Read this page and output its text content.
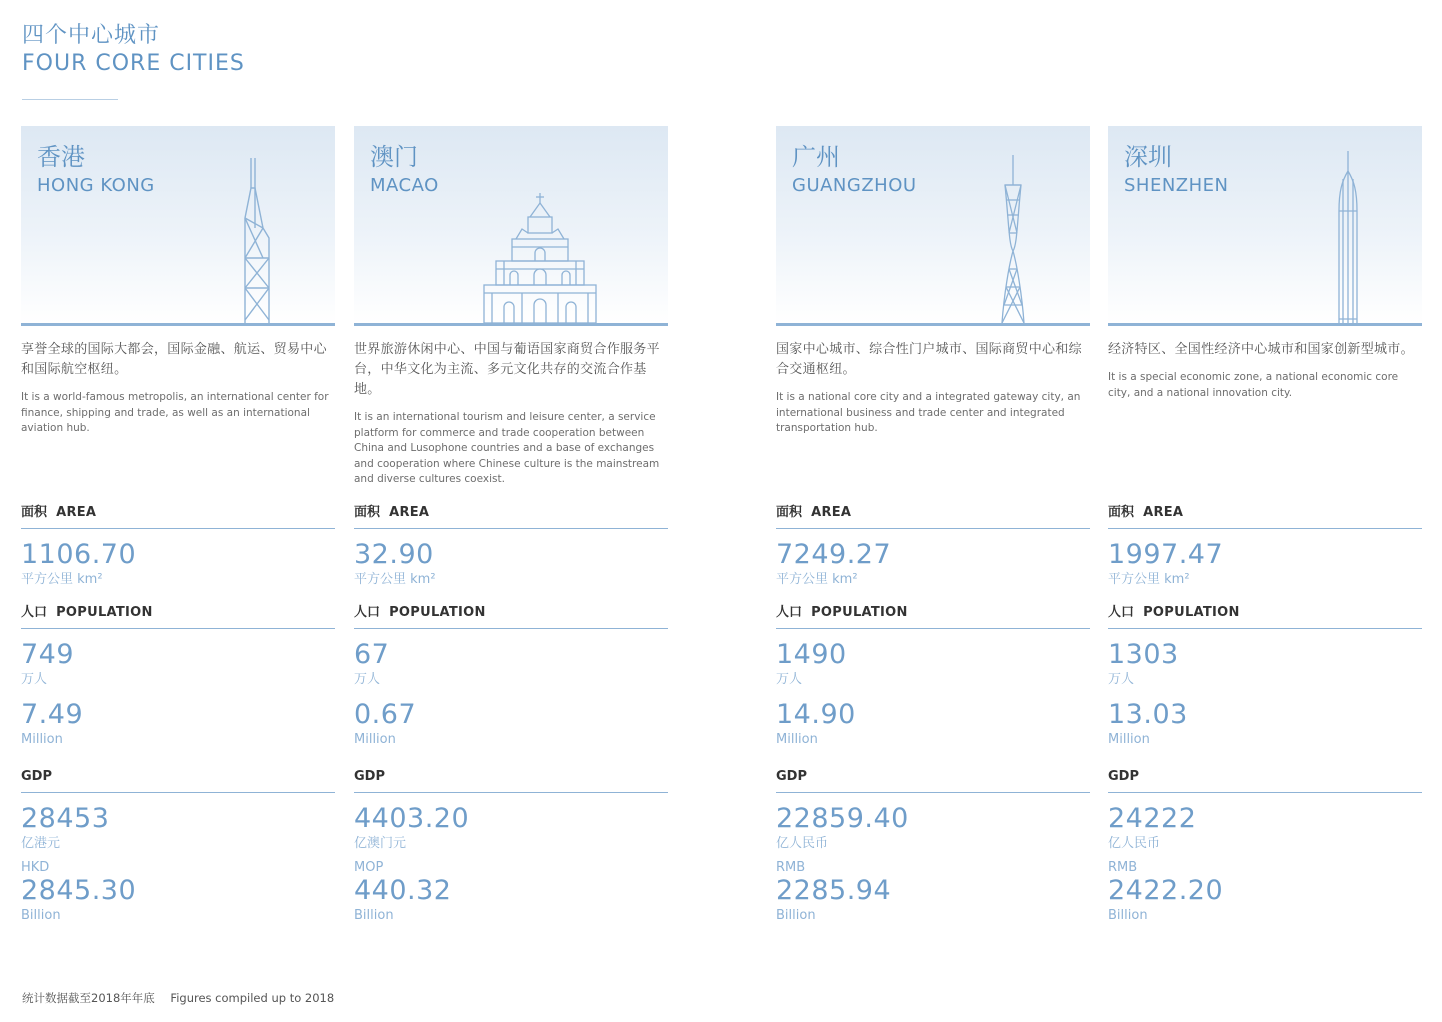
四个中心城市
FOUR CORE CITIES
香港
HONG KONG
享誉全球的国际大都会，国际金融、航运、贸易中心和国际航空枢纽。
It is a world-famous metropolis, an international center for finance, shipping and trade, as well as an international aviation hub.
面积 AREA
1106.70
平方公里 km²
人口 POPULATION
749
万人
7.49
Million
GDP
28453
亿港元
HKD
2845.30
Billion
澳门
MACAO
世界旅游休闲中心、中国与葡语国家商贸合作服务平台，中华文化为主流、多元文化共存的交流合作基地。
It is an international tourism and leisure center, a service platform for commerce and trade cooperation between China and Lusophone countries and a base of exchanges and cooperation where Chinese culture is the mainstream and diverse cultures coexist.
面积 AREA
32.90
平方公里 km²
人口 POPULATION
67
万人
0.67
Million
GDP
4403.20
亿澳门元
MOP
440.32
Billion
广州
GUANGZHOU
国家中心城市、综合性门户城市、国际商贸中心和综合交通枢纽。
It is a national core city and a integrated gateway city, an international business and trade center and integrated transportation hub.
面积 AREA
7249.27
平方公里 km²
人口 POPULATION
1490
万人
14.90
Million
GDP
22859.40
亿人民币
RMB
2285.94
Billion
深圳
SHENZHEN
经济特区、全国性经济中心城市和国家创新型城市。
It is a special economic zone, a national economic core city, and a national innovation city.
面积 AREA
1997.47
平方公里 km²
人口 POPULATION
1303
万人
13.03
Million
GDP
24222
亿人民币
RMB
2422.20
Billion
统计数据截至2018年年底 Figures compiled up to 2018
